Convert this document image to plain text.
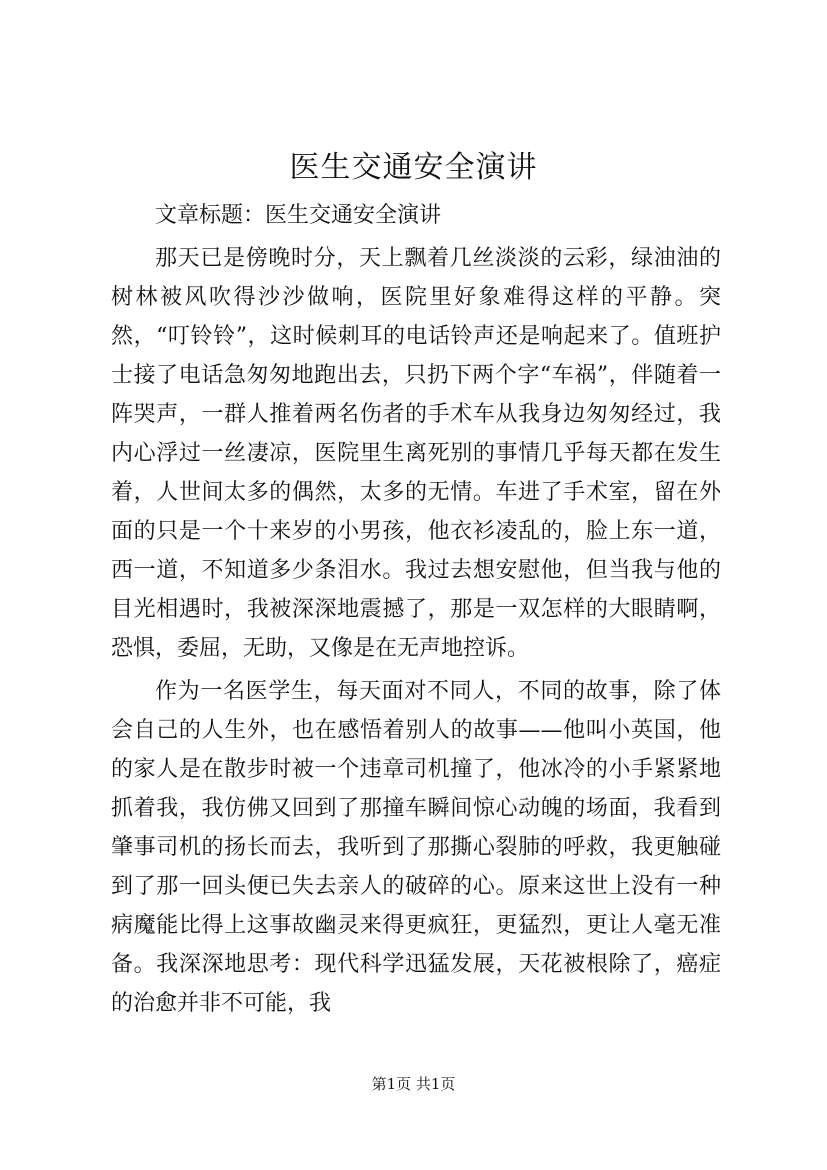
医生交通安全演讲

文章标题：医生交通安全演讲

那天已是傍晚时分，天上飘着几丝淡淡的云彩，绿油油的树林被风吹得沙沙做响，医院里好象难得这样的平静。突然，“叮铃铃”，这时候刺耳的电话铃声还是响起来了。值班护士接了电话急匆匆地跑出去，只扔下两个字“车祸”，伴随着一阵哭声，一群人推着两名伤者的手术车从我身边匆匆经过，我内心浮过一丝凄凉，医院里生离死别的事情几乎每天都在发生着，人世间太多的偶然，太多的无情。车进了手术室，留在外面的只是一个十来岁的小男孩，他衣衫凌乱的，脸上东一道，西一道，不知道多少条泪水。我过去想安慰他，但当我与他的目光相遇时，我被深深地震撼了，那是一双怎样的大眼睛啊，恐惧，委屈，无助，又像是在无声地控诉。

作为一名医学生，每天面对不同人，不同的故事，除了体会自己的人生外，也在感悟着别人的故事——他叫小英国，他的家人是在散步时被一个违章司机撞了，他冰冷的小手紧紧地抓着我，我仿佛又回到了那撞车瞬间惊心动魄的场面，我看到肇事司机的扬长而去，我听到了那撕心裂肺的呼救，我更触碰到了那一回头便已失去亲人的破碎的心。原来这世上没有一种病魔能比得上这事故幽灵来得更疯狂，更猛烈，更让人毫无准备。我深深地思考：现代科学迅猛发展，天花被根除了，癌症的治愈并非不可能，我

第1页 共1页
